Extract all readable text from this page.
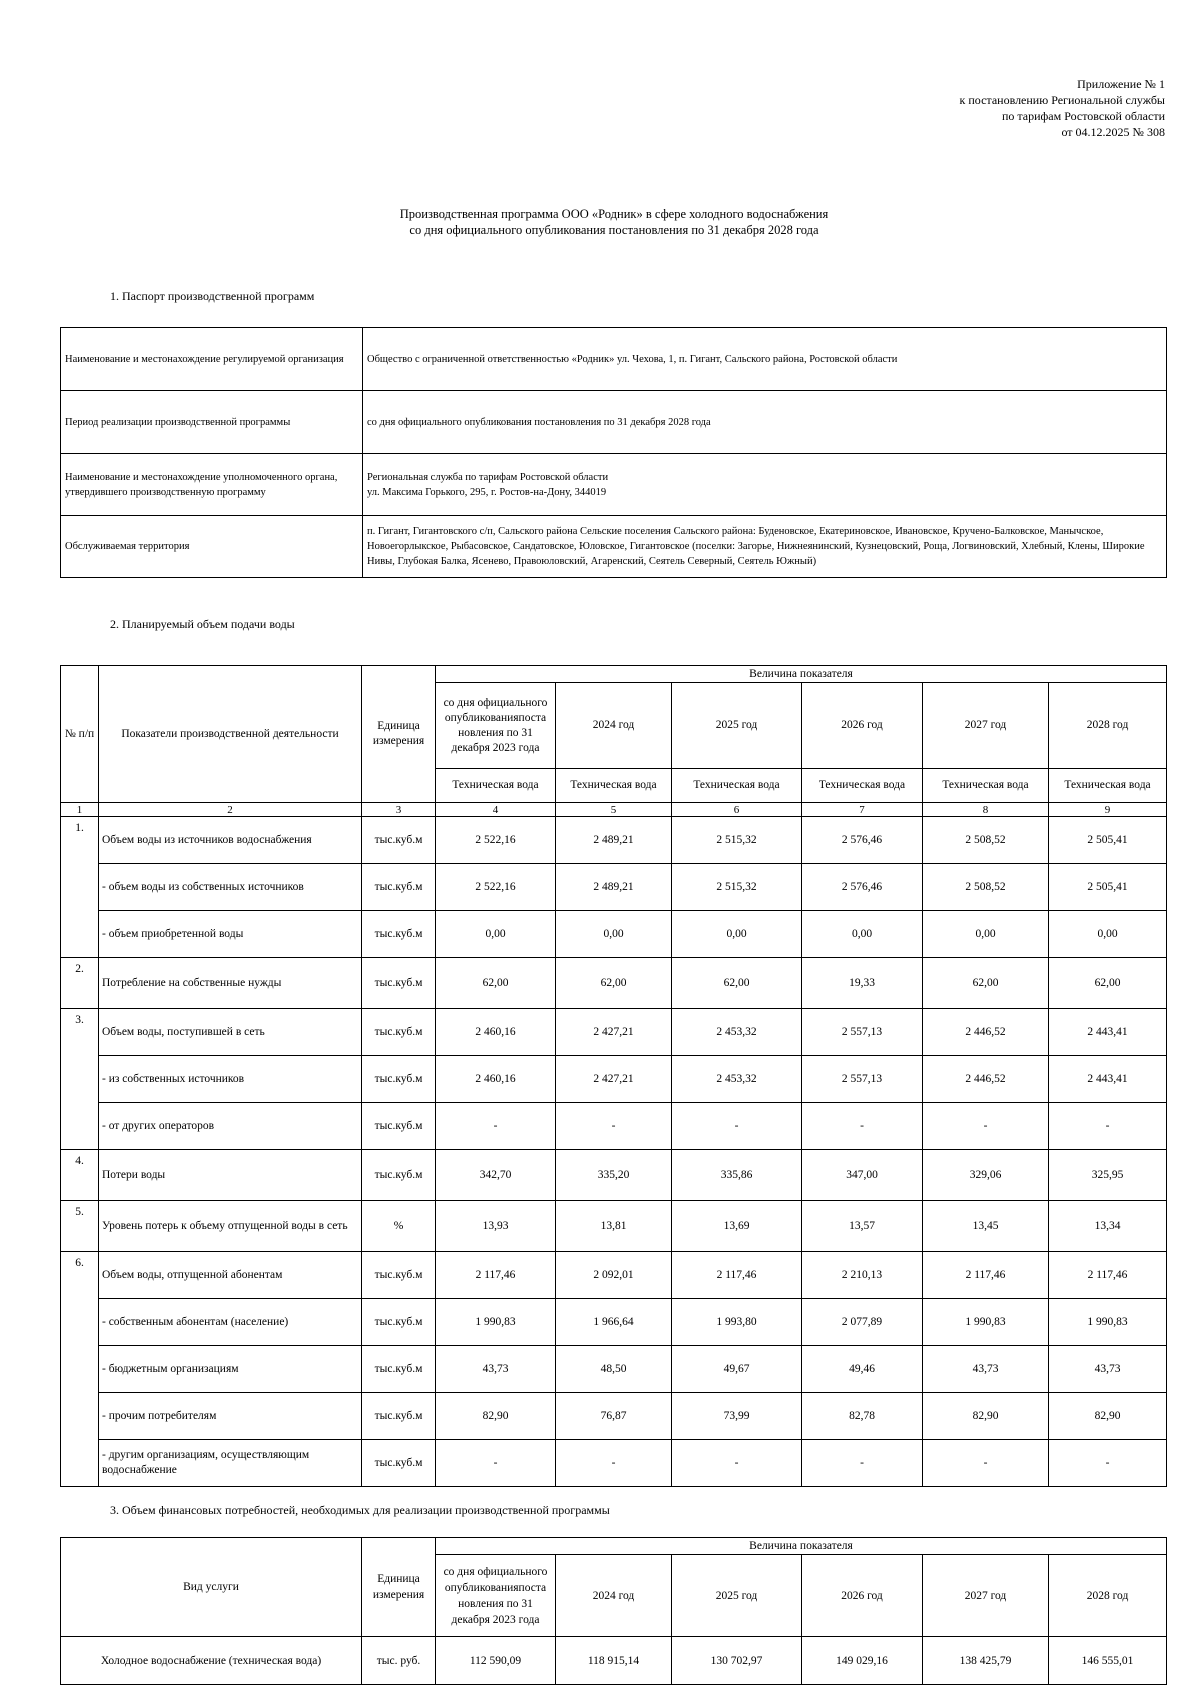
Приложение № 1
к постановлению Региональной службы
по тарифам Ростовской области
от 04.12.2025 № 308
Производственная программа ООО «Родник» в сфере холодного водоснабжения
со дня официального опубликования постановления по 31 декабря 2028 года
1. Паспорт производственной программ
Наименование и местонахождение регулируемой организация	Общество с ограниченной ответственностью «Родник» ул. Чехова, 1, п. Гигант, Сальского района, Ростовской области
Период реализации производственной программы	со дня официального опубликования постановления по 31 декабря 2028 года
Наименование и местонахождение уполномоченного органа, утвердившего производственную программу	Региональная служба по тарифам Ростовской области
ул. Максима Горького, 295, г. Ростов-на-Дону, 344019
Обслуживаемая территория	п. Гигант, Гигантовского с/п, Сальского района Сельские поселения Сальского района: Буденовское, Екатериновское, Ивановское, Кручено-Балковское, Манычское, Новоегорлыкское, Рыбасовское, Сандатовское, Юловское, Гигантовское (поселки: Загорье, Нижнеянинский, Кузнецовский, Роща, Логвиновский, Хлебный, Клены, Широкие Нивы, Глубокая Балка, Ясенево, Правоюловский, Агаренский, Сеятель Северный, Сеятель Южный)
2. Планируемый объем подачи воды
№ п/п	Показатели производственной деятельности	Единица измерения	Величина показателя					
			со дня официального опубликованияпоста новления по 31 декабря 2023 года	2024 год	2025 год	2026 год	2027 год	2028 год
			Техническая вода	Техническая вода	Техническая вода	Техническая вода	Техническая вода	Техническая вода
1	2	3	4	5	6	7	8	9
1.	Объем воды из источников водоснабжения	тыс.куб.м	2 522,16	2 489,21	2 515,32	2 576,46	2 508,52	2 505,41
	- объем воды из собственных источников	тыс.куб.м	2 522,16	2 489,21	2 515,32	2 576,46	2 508,52	2 505,41
	- объем приобретенной воды	тыс.куб.м	0,00	0,00	0,00	0,00	0,00	0,00
2.	Потребление на собственные нужды	тыс.куб.м	62,00	62,00	62,00	19,33	62,00	62,00
3.	Объем воды, поступившей в сеть	тыс.куб.м	2 460,16	2 427,21	2 453,32	2 557,13	2 446,52	2 443,41
	- из собственных источников	тыс.куб.м	2 460,16	2 427,21	2 453,32	2 557,13	2 446,52	2 443,41
	- от других операторов	тыс.куб.м	-	-	-	-	-	-
4.	Потери воды	тыс.куб.м	342,70	335,20	335,86	347,00	329,06	325,95
5.	Уровень потерь к объему отпущенной воды в сеть	%	13,93	13,81	13,69	13,57	13,45	13,34
6.	Объем воды, отпущенной абонентам	тыс.куб.м	2 117,46	2 092,01	2 117,46	2 210,13	2 117,46	2 117,46
	- собственным абонентам (население)	тыс.куб.м	1 990,83	1 966,64	1 993,80	2 077,89	1 990,83	1 990,83
	- бюджетным организациям	тыс.куб.м	43,73	48,50	49,67	49,46	43,73	43,73
	- прочим потребителям	тыс.куб.м	82,90	76,87	73,99	82,78	82,90	82,90
	- другим организациям, осуществляющим водоснабжение	тыс.куб.м	-	-	-	-	-	-
3. Объем финансовых потребностей, необходимых для реализации производственной программы
Вид услуги	Единица измерения	Величина показателя					
		со дня официального опубликованияпоста новления по 31 декабря 2023 года	2024 год	2025 год	2026 год	2027 год	2028 год
Холодное водоснабжение (техническая вода)	тыс. руб.	112 590,09	118 915,14	130 702,97	149 029,16	138 425,79	146 555,01
